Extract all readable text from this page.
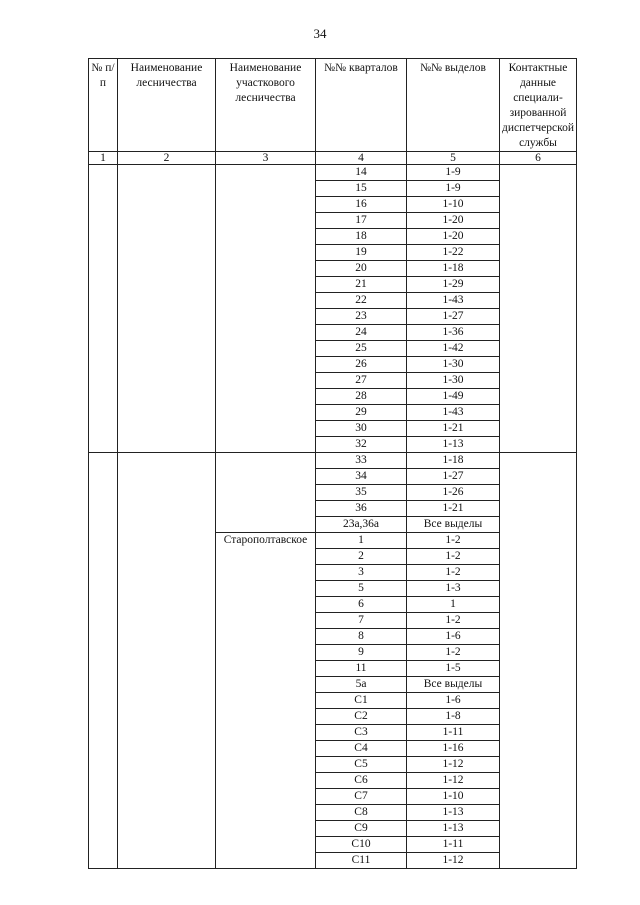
34
№ п/п	Наименование лесничества	Наименование участкового лесничества	№№ кварталов	№№ выделов	Контактные данные специали-зированной диспетчерской службы
1	2	3	4	5	6
			14	1-9	
			15	1-9	
			16	1-10	
			17	1-20	
			18	1-20	
			19	1-22	
			20	1-18	
			21	1-29	
			22	1-43	
			23	1-27	
			24	1-36	
			25	1-42	
			26	1-30	
			27	1-30	
			28	1-49	
			29	1-43	
			30	1-21	
			32	1-13	
			33	1-18	
			34	1-27	
			35	1-26	
			36	1-21	
			23а,36а	Все выделы	
		Старополтавское	1	1-2	
			2	1-2	
			3	1-2	
			5	1-3	
			6	1	
			7	1-2	
			8	1-6	
			9	1-2	
			11	1-5	
			5а	Все выделы	
			С1	1-6	
			С2	1-8	
			С3	1-11	
			С4	1-16	
			С5	1-12	
			С6	1-12	
			С7	1-10	
			С8	1-13	
			С9	1-13	
			С10	1-11	
			С11	1-12	
